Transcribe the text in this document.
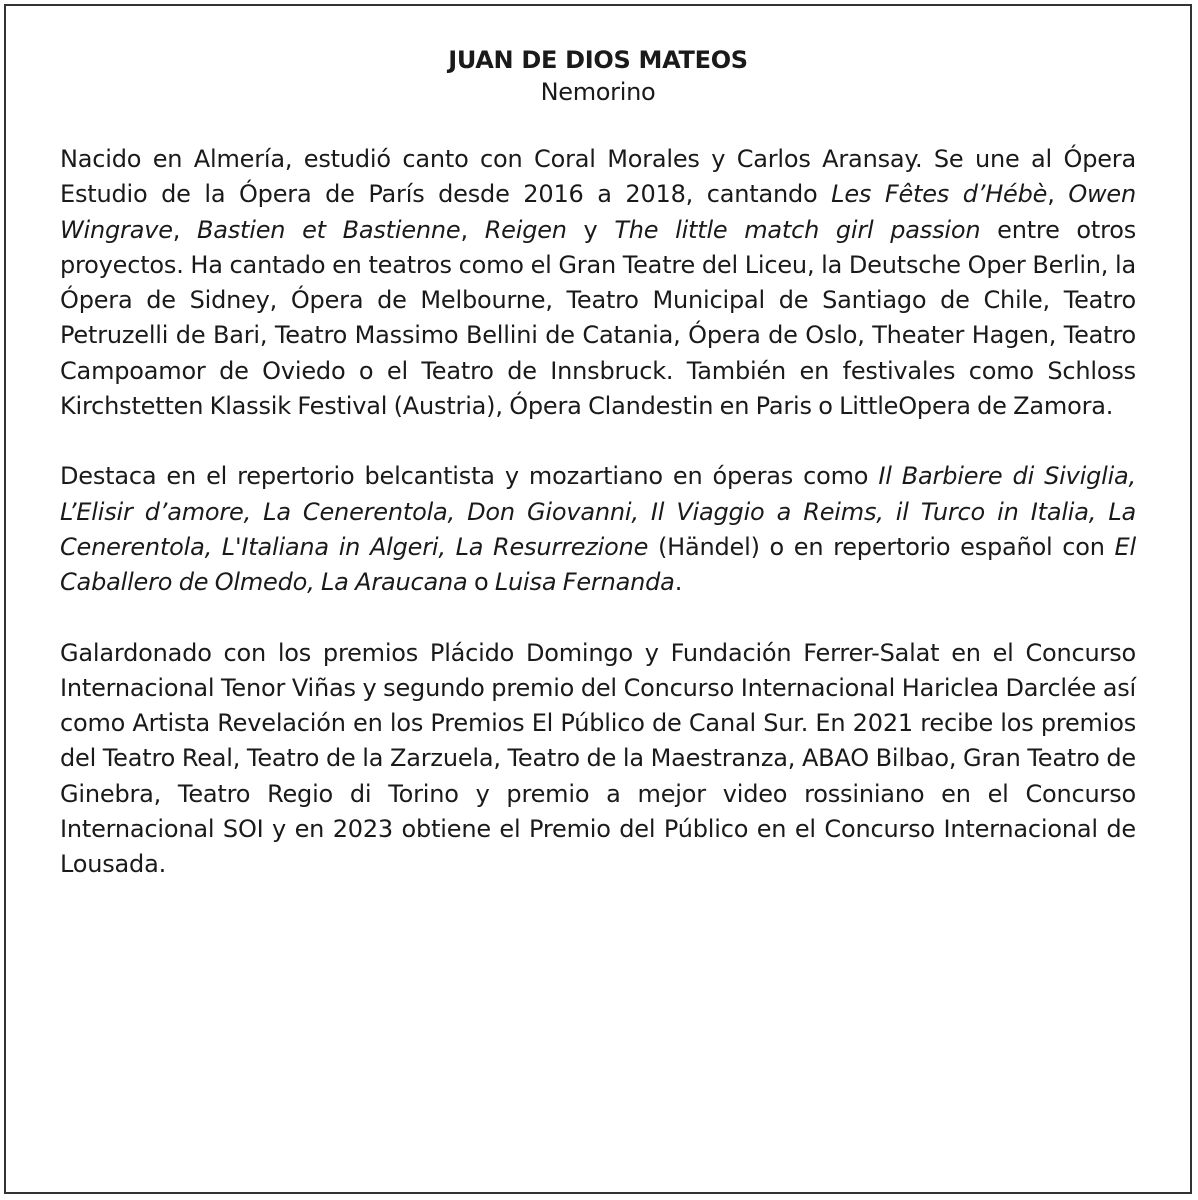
JUAN DE DIOS MATEOS

Nemorino

Nacido en Almería, estudió canto con Coral Morales y Carlos Aransay. Se une al Ópera Estudio de la Ópera de París desde 2016 a 2018, cantando Les Fêtes d’Hébè, Owen Wingrave, Bastien et Bastienne, Reigen y The little match girl passion entre otros proyectos. Ha cantado en teatros como el Gran Teatre del Liceu, la Deutsche Oper Berlin, la Ópera de Sidney, Ópera de Melbourne, Teatro Municipal de Santiago de Chile, Teatro Petruzelli de Bari, Teatro Massimo Bellini de Catania, Ópera de Oslo, Theater Hagen, Teatro Campoamor de Oviedo o el Teatro de Innsbruck. También en festivales como Schloss Kirchstetten Klassik Festival (Austria), Ópera Clandestin en Paris o LittleOpera de Zamora.

Destaca en el repertorio belcantista y mozartiano en óperas como Il Barbiere di Siviglia, L’Elisir d’amore, La Cenerentola, Don Giovanni, Il Viaggio a Reims, il Turco in Italia, La Cenerentola, L'Italiana in Algeri, La Resurrezione (Händel) o en repertorio español con El Caballero de Olmedo, La Araucana o Luisa Fernanda.

Galardonado con los premios Plácido Domingo y Fundación Ferrer-Salat en el Concurso Internacional Tenor Viñas y segundo premio del Concurso Internacional Hariclea Darclée así como Artista Revelación en los Premios El Público de Canal Sur. En 2021 recibe los premios del Teatro Real, Teatro de la Zarzuela, Teatro de la Maestranza, ABAO Bilbao, Gran Teatro de Ginebra, Teatro Regio di Torino y premio a mejor video rossiniano en el Concurso Internacional SOI y en 2023 obtiene el Premio del Público en el Concurso Internacional de Lousada.
